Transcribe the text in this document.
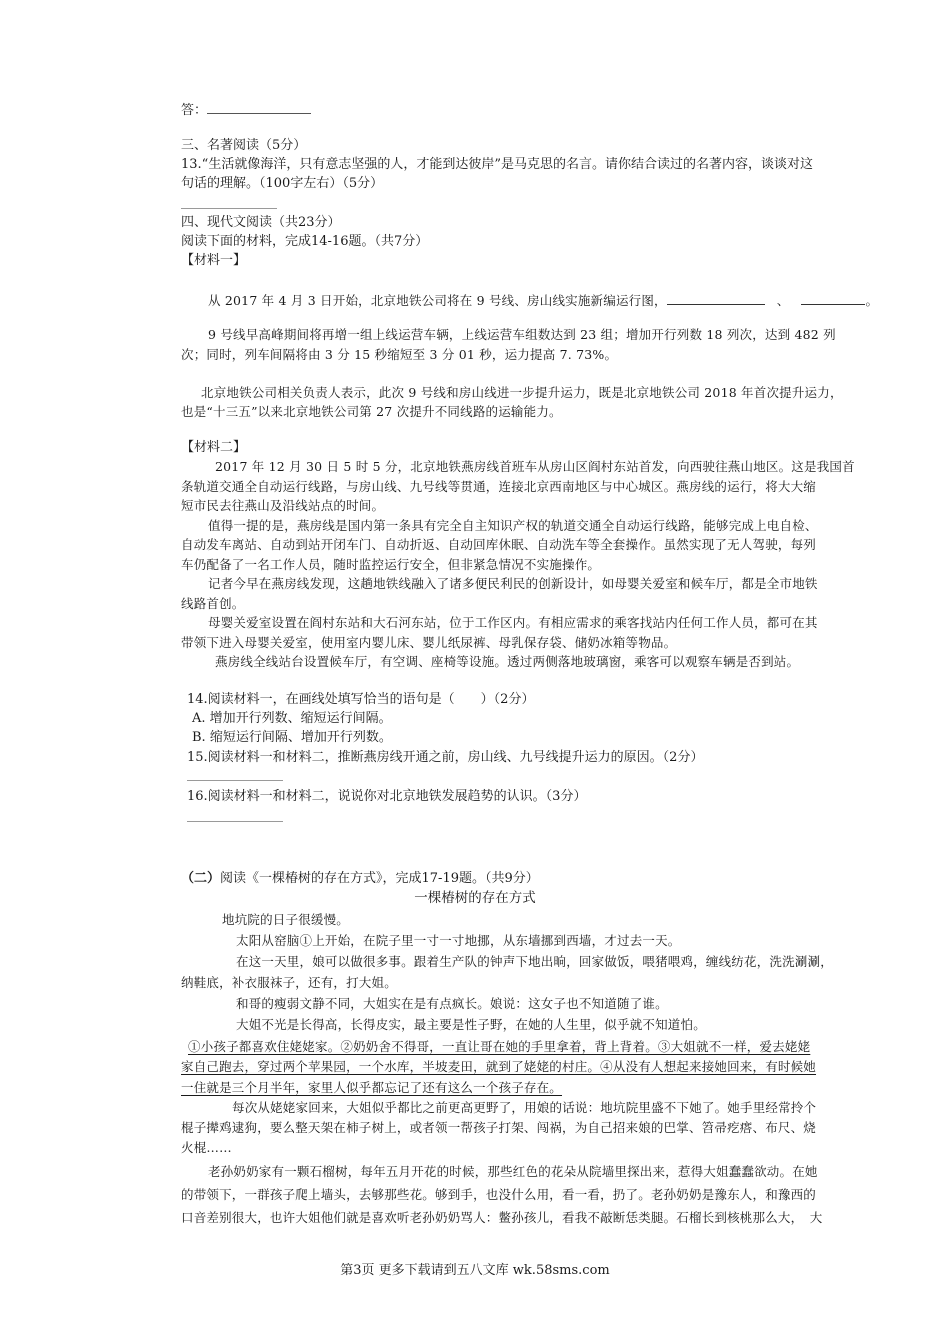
答：
三、名著阅读（5分）
13.“生活就像海洋，只有意志坚强的人，才能到达彼岸”是马克思的名言。请你结合读过的名著内容，谈谈对这
句话的理解。（100字左右）（5分）
四、现代文阅读（共23分）
阅读下面的材料，完成14-16题。（共7分）
【材料一】
从 2017 年 4 月 3 日开始，北京地铁公司将在 9 号线、房山线实施新编运行图，	、	。
9 号线早高峰期间将再增一组上线运营车辆，上线运营车组数达到 23 组；增加开行列数 18 列次，达到 482 列
次；同时，列车间隔将由 3 分 15 秒缩短至 3 分 01 秒，运力提高 7. 73%。
北京地铁公司相关负责人表示，此次 9 号线和房山线进一步提升运力，既是北京地铁公司 2018 年首次提升运力，
也是“十三五”以来北京地铁公司第 27 次提升不同线路的运输能力。
【材料二】
2017 年 12 月 30 日 5 时 5 分，北京地铁燕房线首班车从房山区阎村东站首发，向西驶往燕山地区。这是我国首
条轨道交通全自动运行线路，与房山线、九号线等贯通，连接北京西南地区与中心城区。燕房线的运行，将大大缩
短市民去往燕山及沿线站点的时间。
值得一提的是，燕房线是国内第一条具有完全自主知识产权的轨道交通全自动运行线路，能够完成上电自检、
自动发车离站、自动到站开闭车门、自动折返、自动回库休眠、自动洗车等全套操作。虽然实现了无人驾驶，每列
车仍配备了一名工作人员，随时监控运行安全，但非紧急情况不实施操作。
记者今早在燕房线发现，这趟地铁线融入了诸多便民利民的创新设计，如母婴关爱室和候车厅，都是全市地铁
线路首创。
母婴关爱室设置在阎村东站和大石河东站，位于工作区内。有相应需求的乘客找站内任何工作人员，都可在其
带领下进入母婴关爱室，使用室内婴儿床、婴儿纸尿裤、母乳保存袋、储奶冰箱等物品。
燕房线全线站台设置候车厅，有空调、座椅等设施。透过两侧落地玻璃窗，乘客可以观察车辆是否到站。
14.阅读材料一，在画线处填写恰当的语句是（　　）（2分）
A. 增加开行列数、缩短运行间隔。
B. 缩短运行间隔、增加开行列数。
15.阅读材料一和材料二，推断燕房线开通之前，房山线、九号线提升运力的原因。（2分）
16.阅读材料一和材料二，说说你对北京地铁发展趋势的认识。（3分）
（二）阅读《一棵椿树的存在方式》，完成17-19题。（共9分）
一棵椿树的存在方式
地坑院的日子很缓慢。
太阳从窑脑①上开始，在院子里一寸一寸地挪，从东墙挪到西墙，才过去一天。
在这一天里，娘可以做很多事。跟着生产队的钟声下地出晌，回家做饭，喂猪喂鸡，缠线纺花，洗洗涮涮，
纳鞋底，补衣服袜子，还有，打大姐。
和哥的瘦弱文静不同，大姐实在是有点疯长。娘说：这女子也不知道随了谁。
大姐不光是长得高，长得皮实，最主要是性子野，在她的人生里，似乎就不知道怕。
①小孩子都喜欢住姥姥家。②奶奶舍不得哥，一直让哥在她的手里拿着，背上背着。③大姐就不一样，爱去姥姥
家自己跑去，穿过两个苹果园，一个水库，半坡麦田，就到了姥姥的村庄。④从没有人想起来接她回来，有时候她
一住就是三个月半年，家里人似乎都忘记了还有这么一个孩子存在。
每次从姥姥家回来，大姐似乎都比之前更高更野了，用娘的话说：地坑院里盛不下她了。她手里经常拎个
棍子撵鸡逮狗，要么整天架在柿子树上，或者领一帮孩子打架、闯祸，为自己招来娘的巴掌、笤帚疙瘩、布尺、烧
火棍……
老孙奶奶家有一颗石榴树，每年五月开花的时候，那些红色的花朵从院墙里探出来，惹得大姐蠢蠢欲动。在她
的带领下，一群孩子爬上墙头，去够那些花。够到手，也没什么用，看一看，扔了。老孙奶奶是豫东人，和豫西的
口音差别很大，也许大姐他们就是喜欢听老孙奶奶骂人：鳖孙孩儿，看我不敲断恁类腿。石榴长到核桃那么大，　大
第3页 更多下载请到五八文库 wk.58sms.com
